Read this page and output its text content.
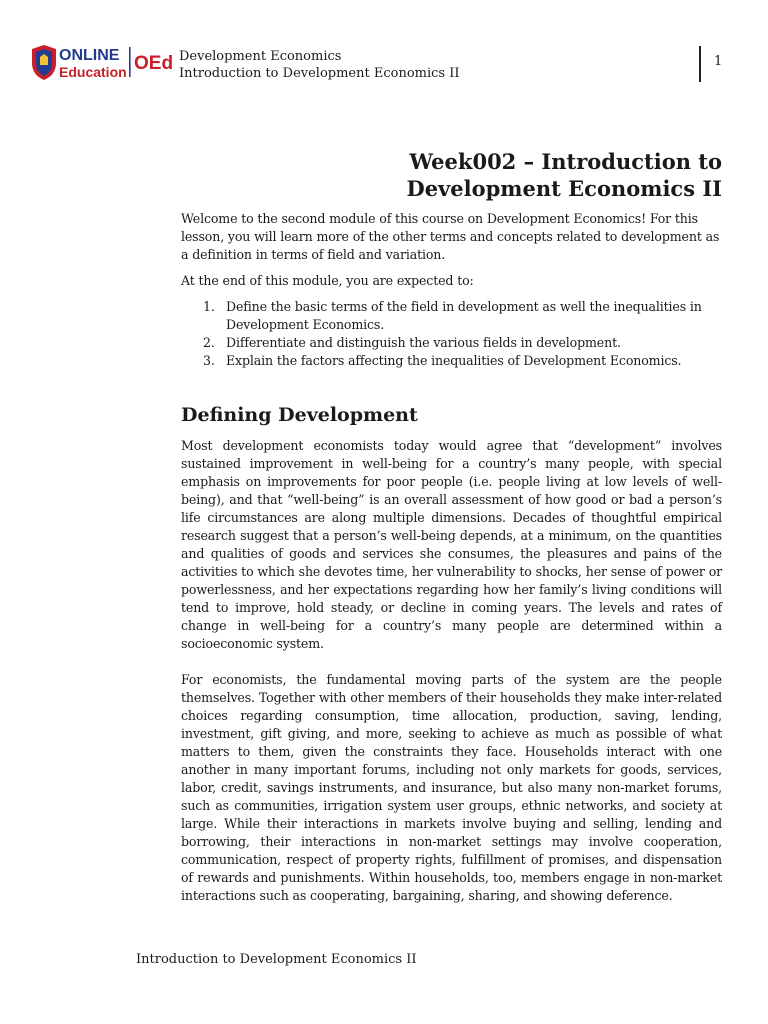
ONLINE
Education OEd Development Economics
Introduction to Development Economics II
1
Week002 – Introduction to
Development Economics II

Welcome to the second module of this course on Development Economics! For this lesson, you will learn more of the other terms and concepts related to development as a definition in terms of field and variation.

At the end of this module, you are expected to:

1. Define the basic terms of the field in development as well the inequalities in Development Economics.
2. Differentiate and distinguish the various fields in development.
3. Explain the factors affecting the inequalities of Development Economics.
Defining Development

Most development economists today would agree that “development” involves sustained improvement in well-being for a country’s many people, with special emphasis on improvements for poor people (i.e. people living at low levels of well-being), and that “well-being” is an overall assessment of how good or bad a person’s life circumstances are along multiple dimensions. Decades of thoughtful empirical research suggest that a person’s well-being depends, at a minimum, on the quantities and qualities of goods and services she consumes, the pleasures and pains of the activities to which she devotes time, her vulnerability to shocks, her sense of power or powerlessness, and her expectations regarding how her family’s living conditions will tend to improve, hold steady, or decline in coming years. The levels and rates of change in well-being for a country’s many people are determined within a socioeconomic system.

For economists, the fundamental moving parts of the system are the people themselves. Together with other members of their households they make inter-related choices regarding consumption, time allocation, production, saving, lending, investment, gift giving, and more, seeking to achieve as much as possible of what matters to them, given the constraints they face. Households interact with one another in many important forums, including not only markets for goods, services, labor, credit, savings instruments, and insurance, but also many non-market forums, such as communities, irrigation system user groups, ethnic networks, and society at large. While their interactions in markets involve buying and selling, lending and borrowing, their interactions in non-market settings may involve cooperation, communication, respect of property rights, fulfillment of promises, and dispensation of rewards and punishments. Within households, too, members engage in non-market interactions such as cooperating, bargaining, sharing, and showing deference.

Introduction to Development Economics II
